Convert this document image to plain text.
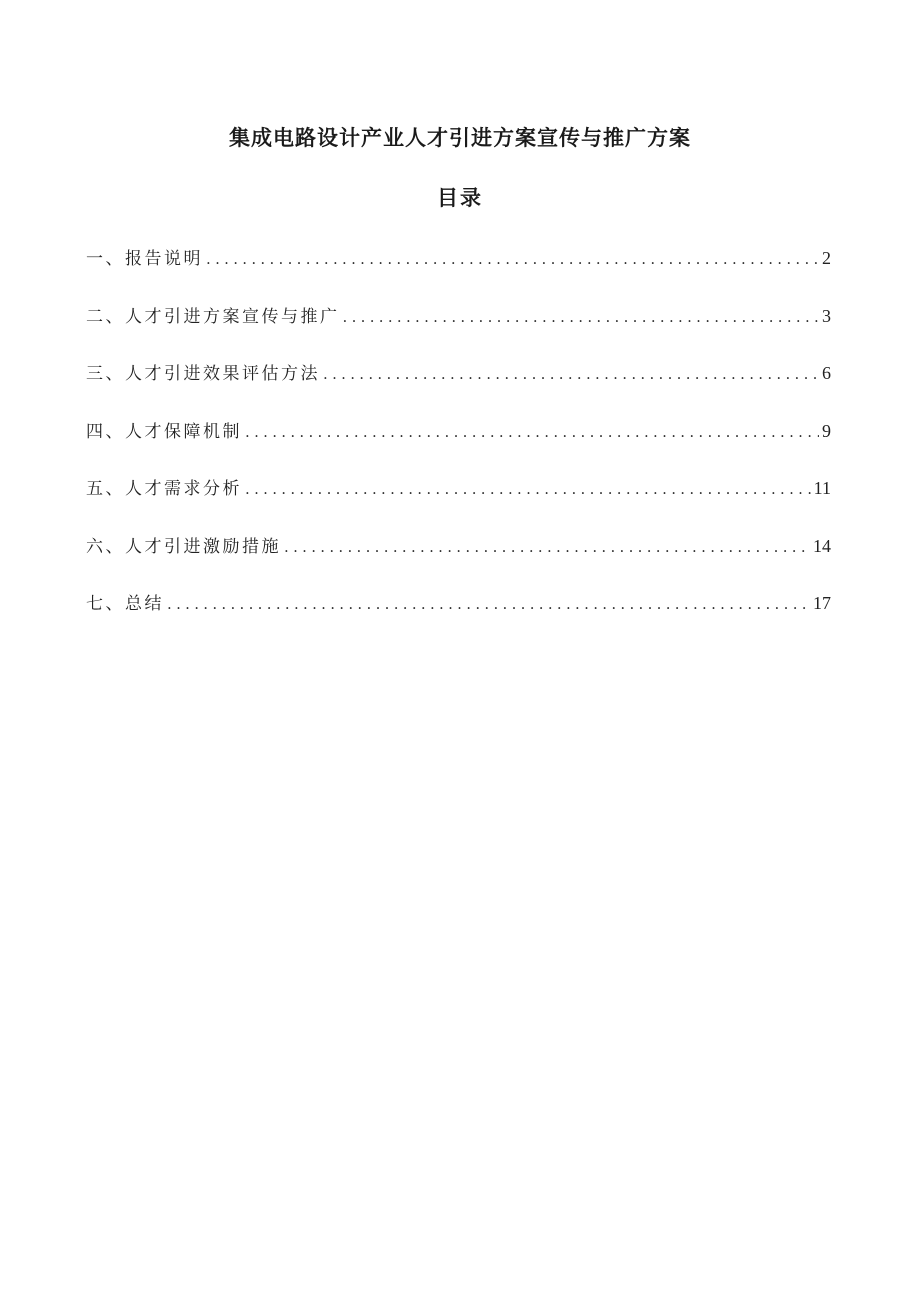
集成电路设计产业人才引进方案宣传与推广方案
目录
一、报告说明 .....	2
二、人才引进方案宣传与推广 .....	3
三、人才引进效果评估方法 .....	6
四、人才保障机制 .....	9
五、人才需求分析 .....	11
六、人才引进激励措施 .....	14
七、总结 .....	17
